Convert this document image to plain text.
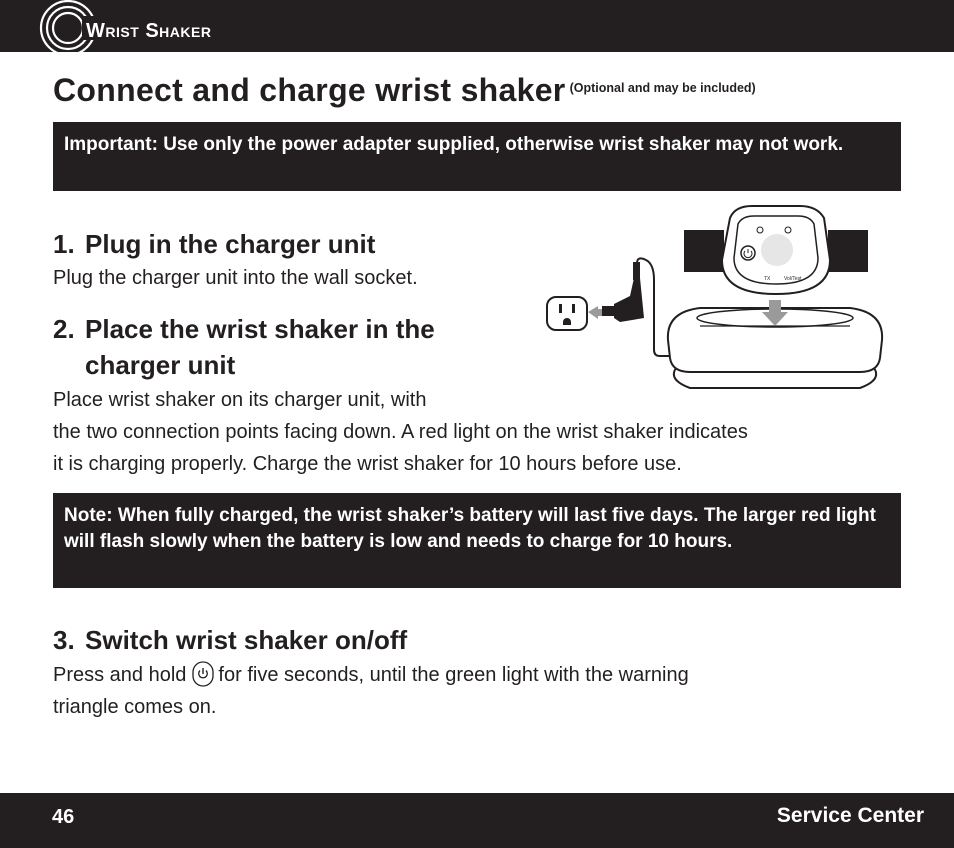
Wrist Shaker
Connect and charge wrist shaker $^{(Optional and may be included)}$
Important: Use only the power adapter supplied, otherwise wrist shaker may not work.
1. Plug in the charger unit
Plug the charger unit into the wall socket.
2. Place the wrist shaker in the
charger unit
Place wrist shaker on its charger unit, with
the two connection points facing down. A red light on the wrist shaker indicates
it is charging properly. Charge the wrist shaker for 10 hours before use.
TX	Vol/Test
Note: When fully charged, the wrist shaker’s battery will last five days. The larger red light will flash slowly when the battery is low and needs to charge for 10 hours.
3. Switch wrist shaker on/off
Press and hold for five seconds, until the green light with the warning
triangle comes on.
46	Service Center
